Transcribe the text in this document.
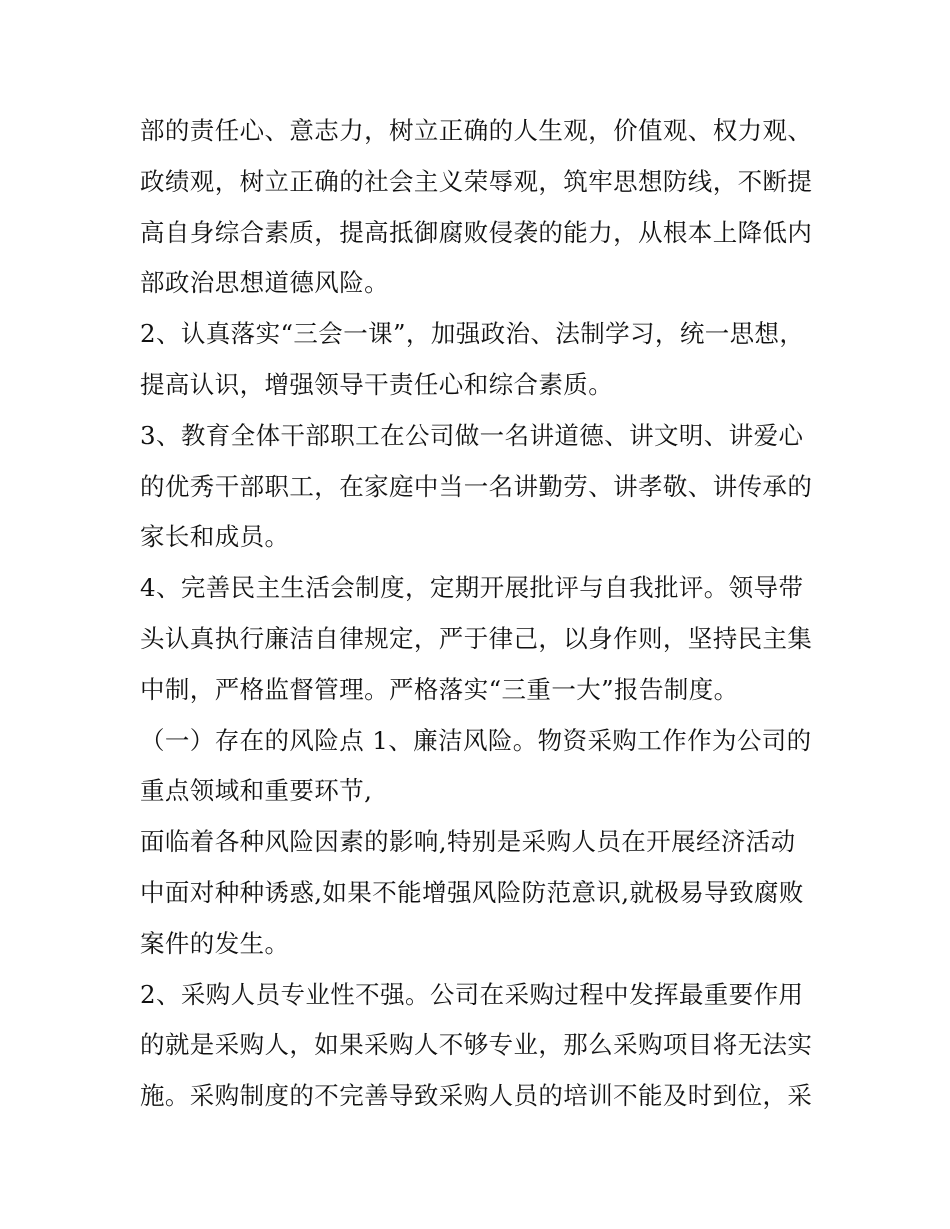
部的责任心、意志力，树立正确的人生观，价值观、权力观、
政绩观，树立正确的社会主义荣辱观，筑牢思想防线，不断提
高自身综合素质，提高抵御腐败侵袭的能力，从根本上降低内
部政治思想道德风险。
2、认真落实“三会一课”，加强政治、法制学习，统一思想，
提高认识，增强领导干责任心和综合素质。
3、教育全体干部职工在公司做一名讲道德、讲文明、讲爱心
的优秀干部职工，在家庭中当一名讲勤劳、讲孝敬、讲传承的
家长和成员。
4、完善民主生活会制度，定期开展批评与自我批评。领导带
头认真执行廉洁自律规定，严于律己，以身作则，坚持民主集
中制，严格监督管理。严格落实“三重一大”报告制度。
（一）存在的风险点 1、廉洁风险。物资采购工作作为公司的
重点领域和重要环节,
面临着各种风险因素的影响,特别是采购人员在开展经济活动
中面对种种诱惑,如果不能增强风险防范意识,就极易导致腐败
案件的发生。
2、采购人员专业性不强。公司在采购过程中发挥最重要作用
的就是采购人，如果采购人不够专业，那么采购项目将无法实
施。采购制度的不完善导致采购人员的培训不能及时到位，采
